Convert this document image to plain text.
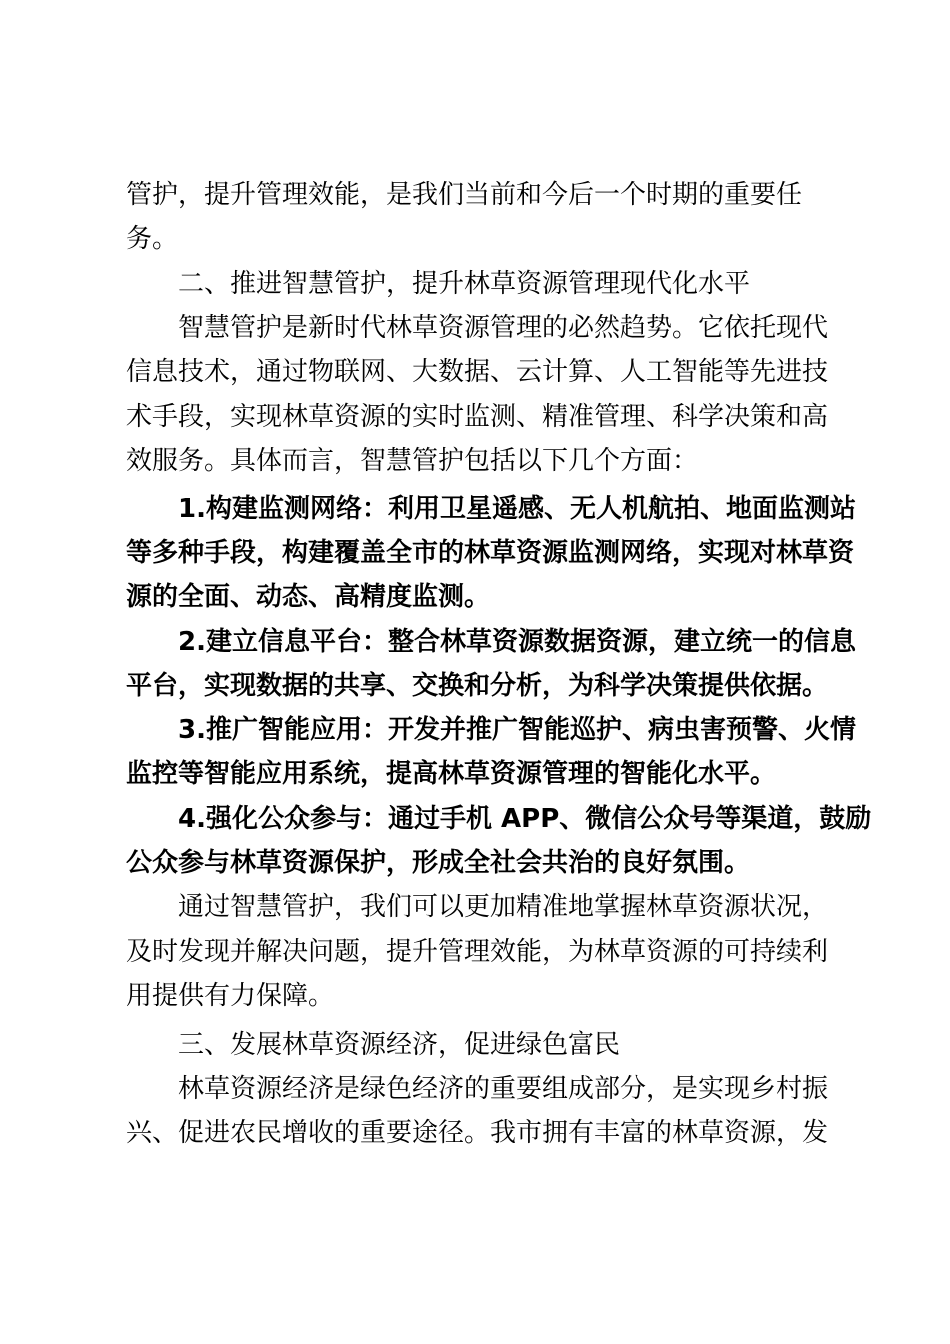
管护，提升管理效能，是我们当前和今后一个时期的重要任
务。
二、推进智慧管护，提升林草资源管理现代化水平
智慧管护是新时代林草资源管理的必然趋势。它依托现代
信息技术，通过物联网、大数据、云计算、人工智能等先进技
术手段，实现林草资源的实时监测、精准管理、科学决策和高
效服务。具体而言，智慧管护包括以下几个方面：
1.构建监测网络：利用卫星遥感、无人机航拍、地面监测站
等多种手段，构建覆盖全市的林草资源监测网络，实现对林草资
源的全面、动态、高精度监测。
2.建立信息平台：整合林草资源数据资源，建立统一的信息
平台，实现数据的共享、交换和分析，为科学决策提供依据。
3.推广智能应用：开发并推广智能巡护、病虫害预警、火情
监控等智能应用系统，提高林草资源管理的智能化水平。
4.强化公众参与：通过手机 APP、微信公众号等渠道，鼓励
公众参与林草资源保护，形成全社会共治的良好氛围。
通过智慧管护，我们可以更加精准地掌握林草资源状况，
及时发现并解决问题，提升管理效能，为林草资源的可持续利
用提供有力保障。
三、发展林草资源经济，促进绿色富民
林草资源经济是绿色经济的重要组成部分，是实现乡村振
兴、促进农民增收的重要途径。我市拥有丰富的林草资源，发
